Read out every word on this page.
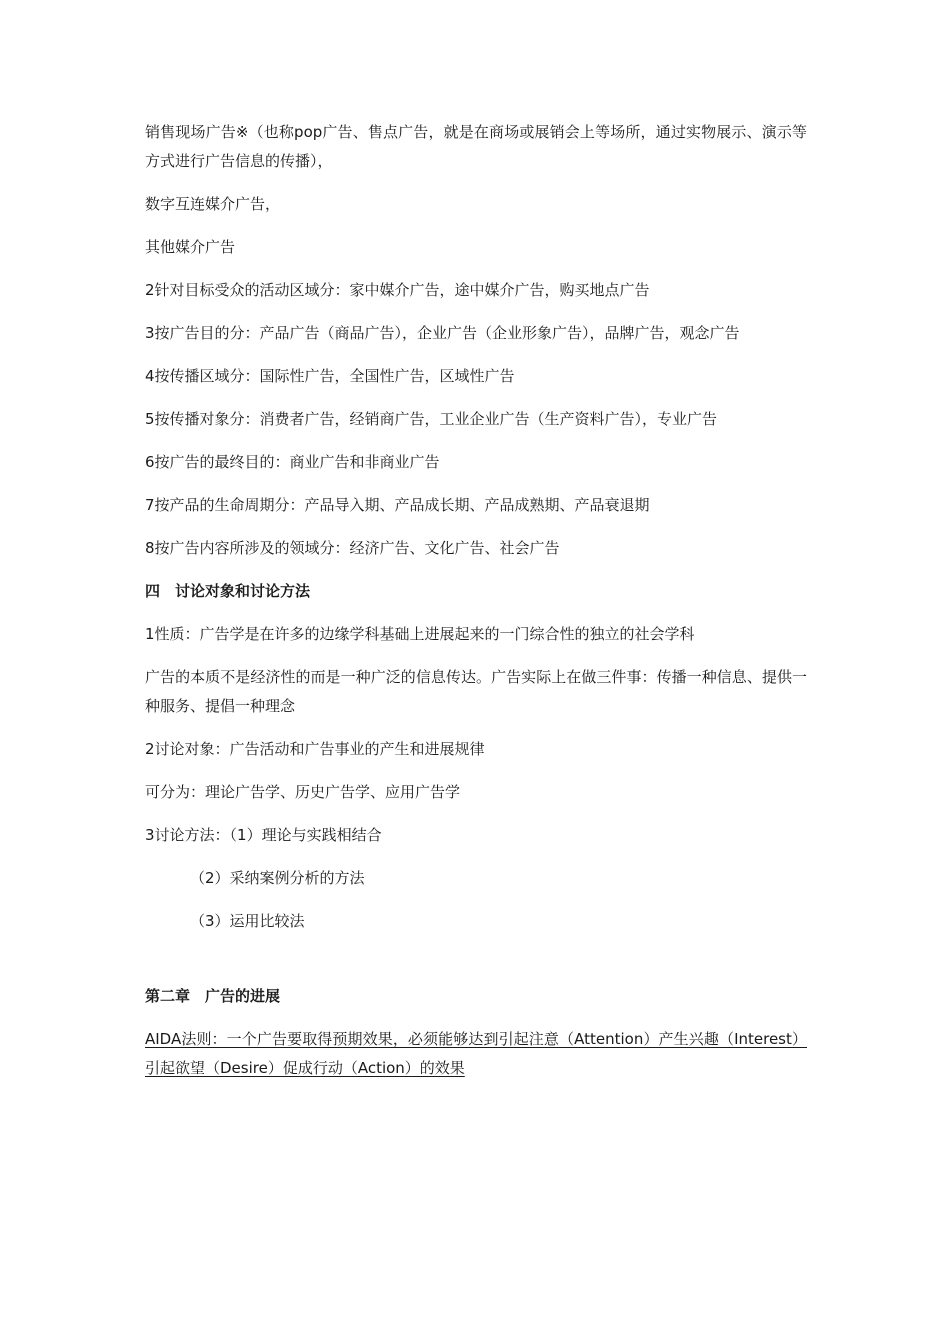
销售现场广告※（也称pop广告、售点广告，就是在商场或展销会上等场所，通过实物展示、演示等方式进行广告信息的传播），

数字互连媒介广告，

其他媒介广告

2针对目标受众的活动区域分：家中媒介广告，途中媒介广告，购买地点广告

3按广告目的分：产品广告（商品广告），企业广告（企业形象广告），品牌广告，观念广告

4按传播区域分：国际性广告，全国性广告，区域性广告

5按传播对象分：消费者广告，经销商广告，工业企业广告（生产资料广告），专业广告

6按广告的最终目的：商业广告和非商业广告

7按产品的生命周期分：产品导入期、产品成长期、产品成熟期、产品衰退期

8按广告内容所涉及的领域分：经济广告、文化广告、社会广告

四　讨论对象和讨论方法

1性质：广告学是在许多的边缘学科基础上进展起来的一门综合性的独立的社会学科

广告的本质不是经济性的而是一种广泛的信息传达。广告实际上在做三件事：传播一种信息、提供一种服务、提倡一种理念

2讨论对象：广告活动和广告事业的产生和进展规律

可分为：理论广告学、历史广告学、应用广告学

3讨论方法：（1）理论与实践相结合

（2）采纳案例分析的方法

（3）运用比较法

第二章　广告的进展

AIDA法则：一个广告要取得预期效果，必须能够达到引起注意（Attention）产生兴趣（Interest）引起欲望（Desire）促成行动（Action）的效果
